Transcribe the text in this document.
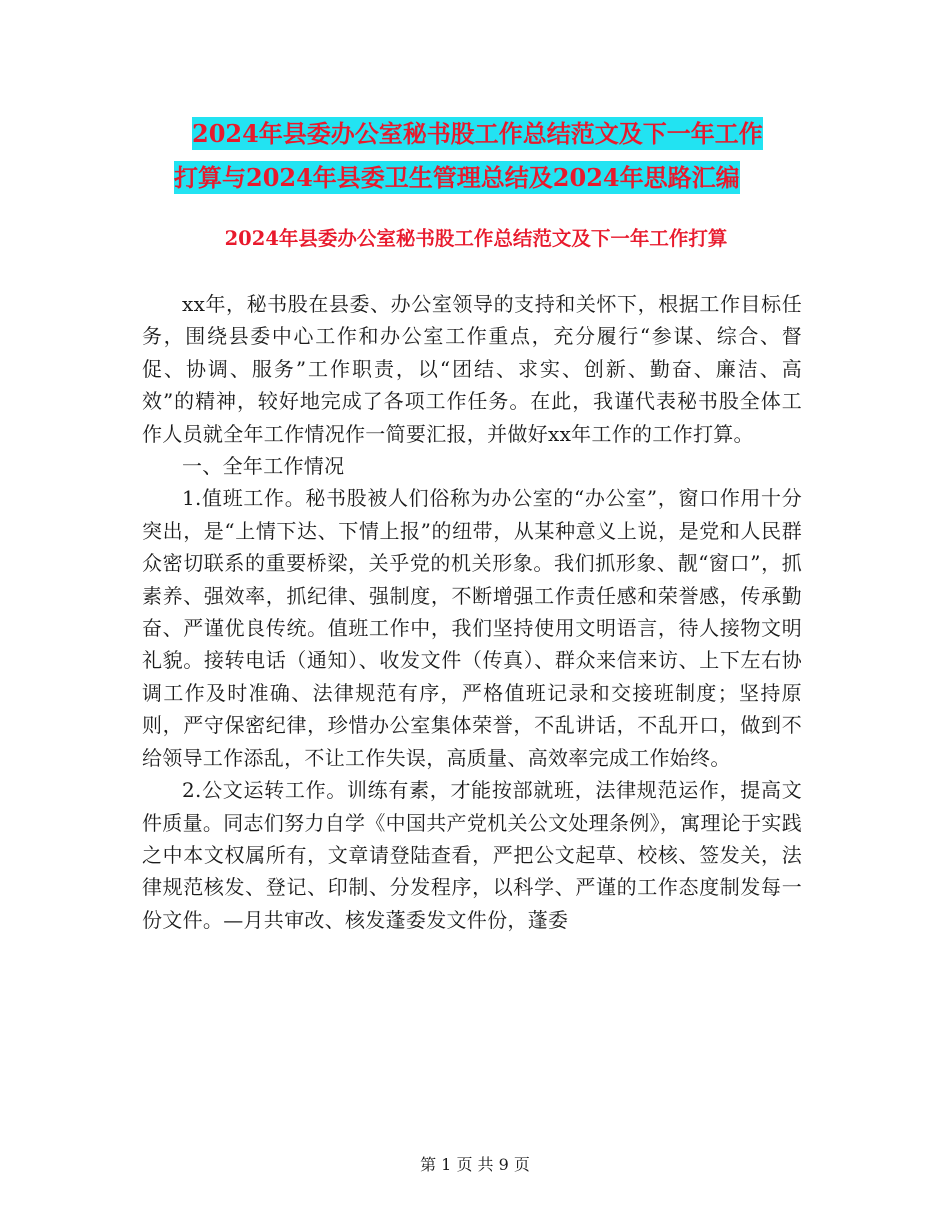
2024年县委办公室秘书股工作总结范文及下一年工作
打算与2024年县委卫生管理总结及2024年思路汇编
2024年县委办公室秘书股工作总结范文及下一年工作打算

xx年，秘书股在县委、办公室领导的支持和关怀下，根据工作目标任务，围绕县委中心工作和办公室工作重点，充分履行“参谋、综合、督促、协调、服务”工作职责，以“团结、求实、创新、勤奋、廉洁、高效”的精神，较好地完成了各项工作任务。在此，我谨代表秘书股全体工作人员就全年工作情况作一简要汇报，并做好xx年工作的工作打算。

一、全年工作情况

1.值班工作。秘书股被人们俗称为办公室的“办公室”，窗口作用十分突出，是“上情下达、下情上报”的纽带，从某种意义上说，是党和人民群众密切联系的重要桥梁，关乎党的机关形象。我们抓形象、靓“窗口”，抓素养、强效率，抓纪律、强制度，不断增强工作责任感和荣誉感，传承勤奋、严谨优良传统。值班工作中，我们坚持使用文明语言，待人接物文明礼貌。接转电话（通知）、收发文件（传真）、群众来信来访、上下左右协调工作及时准确、法律规范有序，严格值班记录和交接班制度；坚持原则，严守保密纪律，珍惜办公室集体荣誉，不乱讲话，不乱开口，做到不给领导工作添乱，不让工作失误，高质量、高效率完成工作始终。

2.公文运转工作。训练有素，才能按部就班，法律规范运作，提高文件质量。同志们努力自学《中国共产党机关公文处理条例》，寓理论于实践之中本文权属所有，文章请登陆查看，严把公文起草、校核、签发关，法律规范核发、登记、印制、分发程序，以科学、严谨的工作态度制发每一份文件。—月共审改、核发蓬委发文件份，蓬委

第 1 页 共 9 页
